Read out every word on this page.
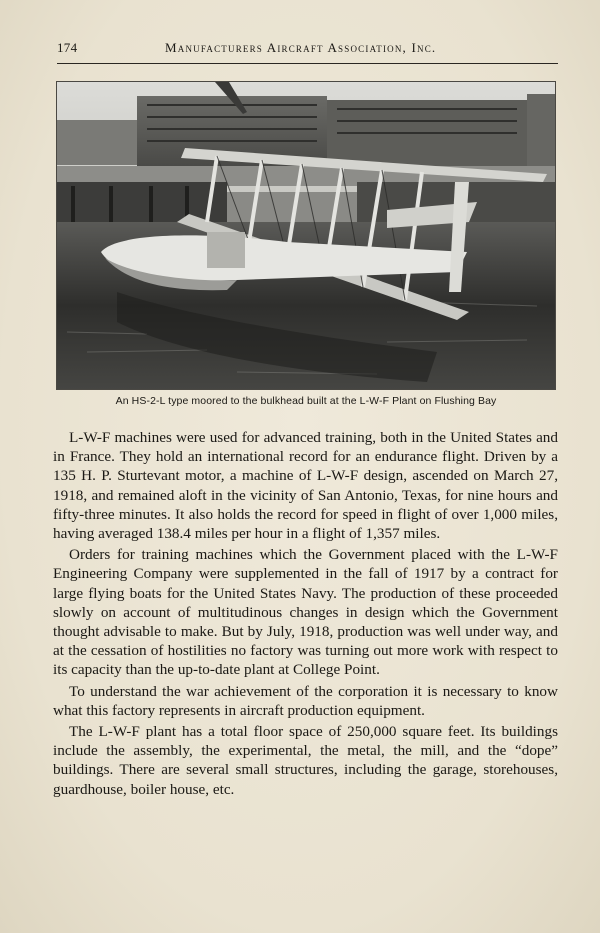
174	Manufacturers Aircraft Association, Inc.
An HS-2-L type moored to the bulkhead built at the L-W-F Plant on Flushing Bay

L-W-F machines were used for advanced training, both in the United States and in France. They hold an international record for an endurance flight. Driven by a 135 H. P. Sturtevant motor, a machine of L-W-F design, ascended on March 27, 1918, and remained aloft in the vicinity of San Antonio, Texas, for nine hours and fifty-three minutes. It also holds the record for speed in flight of over 1,000 miles, having averaged 138.4 miles per hour in a flight of 1,357 miles.

Orders for training machines which the Government placed with the L-W-F Engineering Company were supplemented in the fall of 1917 by a contract for large flying boats for the United States Navy. The production of these proceeded slowly on account of multitudinous changes in design which the Government thought advisable to make. But by July, 1918, production was well under way, and at the cessation of hostilities no factory was turning out more work with respect to its capacity than the up-to-date plant at College Point.

To understand the war achievement of the corporation it is necessary to know what this factory represents in aircraft production equipment.

The L-W-F plant has a total floor space of 250,000 square feet. Its buildings include the assembly, the experimental, the metal, the mill, and the “dope” buildings. There are several small structures, including the garage, storehouses, guardhouse, boiler house, etc.
